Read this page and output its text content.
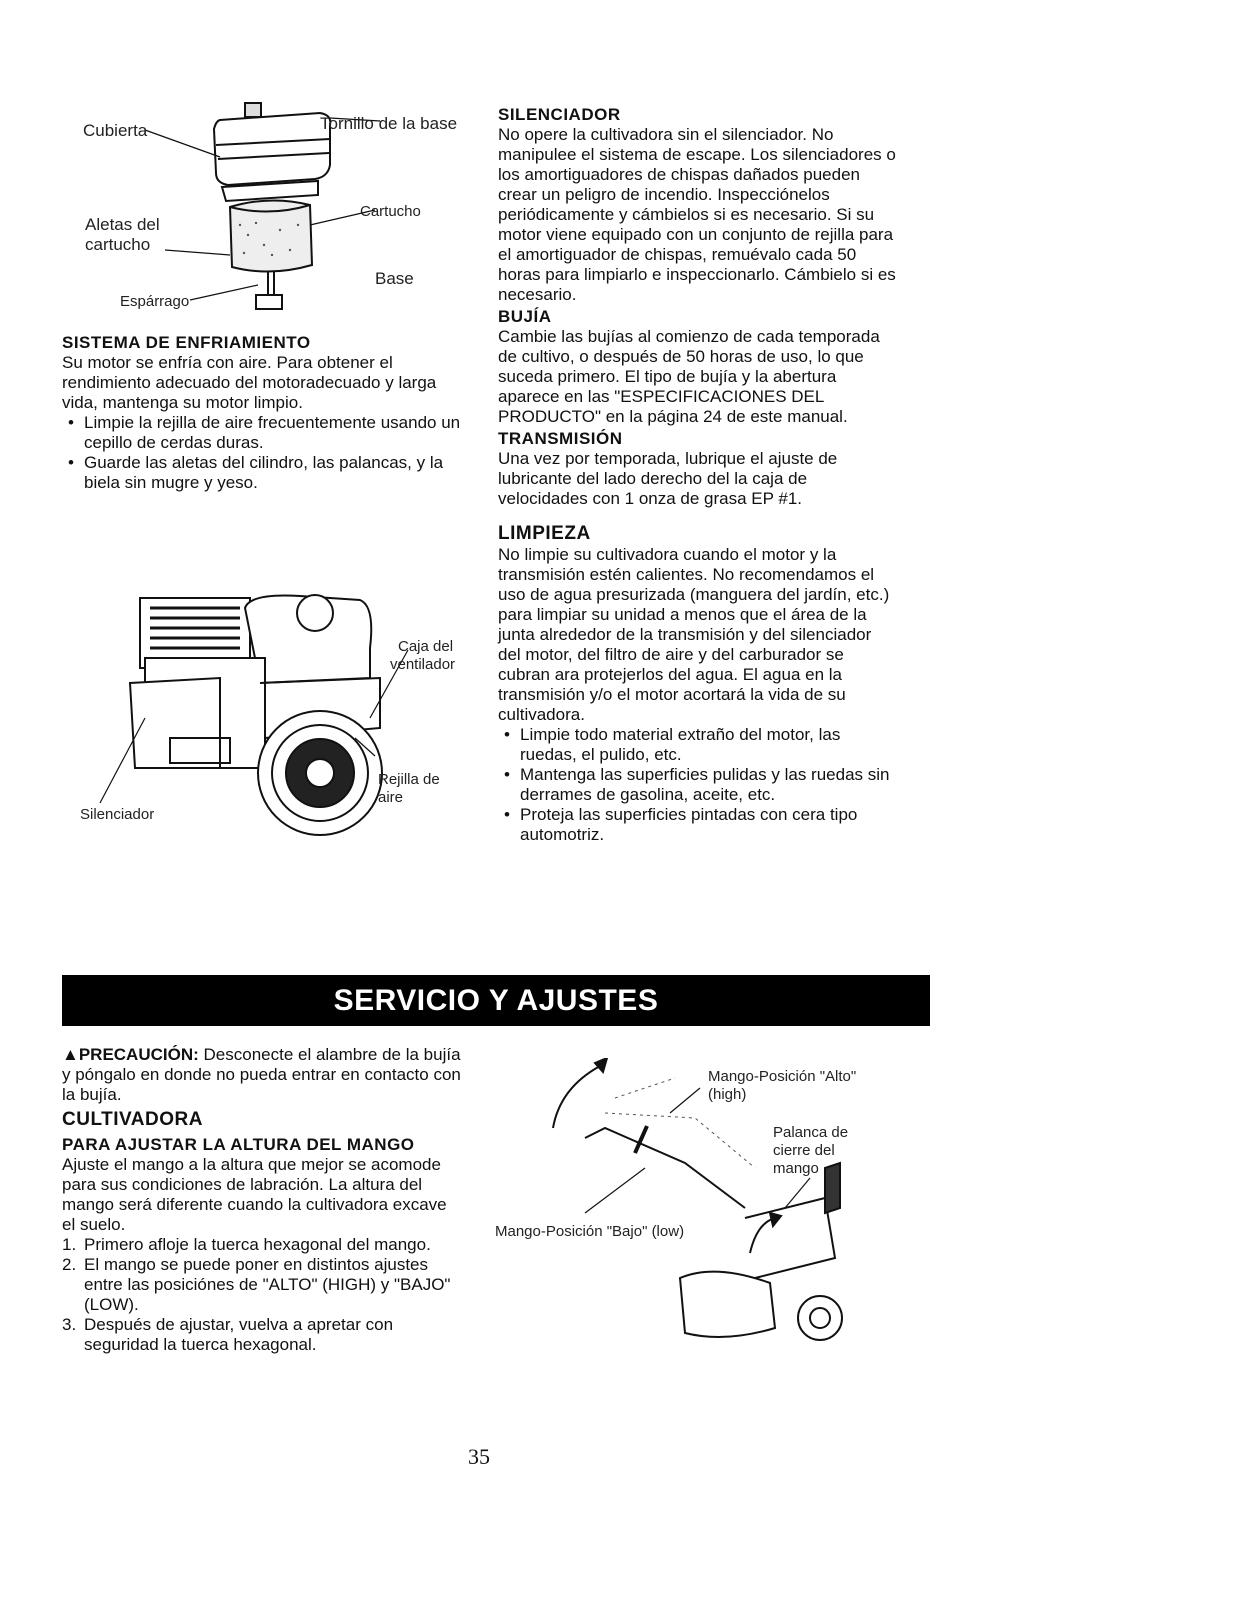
Cubierta	Tornillo de la base
Aletas del
cartucho
Cartucho
Espárrago
Base
SISTEMA DE ENFRIAMIENTO

Su motor se enfría con aire. Para obtener el rendimiento adecuado del motoradecuado y larga vida, mantenga su motor limpio.

• Limpie la rejilla de aire frecuentemente usando un cepillo de cerdas duras.
• Guarde las aletas del cilindro, las palancas, y la biela sin mugre y yeso.
Caja del
ventilador
Rejilla de
aire
Silenciador
SILENCIADOR

No opere la cultivadora sin el silenciador. No manipulee el sistema de escape. Los silenciadores o los amortiguadores de chispas dañados pueden crear un peligro de incendio. Inspecciónelos periódicamente y cámbielos si es necesario. Si su motor viene equipado con un conjunto de rejilla para el amortiguador de chispas, remuévalo cada 50 horas para limpiarlo e inspeccionarlo. Cámbielo si es necesario.

BUJÍA

Cambie las bujías al comienzo de cada temporada de cultivo, o después de 50 horas de uso, lo que suceda primero. El tipo de bujía y la abertura aparece en las "ESPECIFICACIONES DEL PRODUCTO" en la página 24 de este manual.

TRANSMISIÓN

Una vez por temporada, lubrique el ajuste de lubricante del lado derecho del la caja de velocidades con 1 onza de grasa EP #1.

LIMPIEZA

No limpie su cultivadora cuando el motor y la transmisión estén calientes. No recomendamos el uso de agua presurizada (manguera del jardín, etc.) para limpiar su unidad a menos que el área de la junta alrededor de la transmisión y del silenciador del motor, del filtro de aire y del carburador se cubran ara protejerlos del agua. El agua en la transmisión y/o el motor acortará la vida de su cultivadora.

• Limpie todo material extraño del motor, las ruedas, el pulido, etc.
• Mantenga las superficies pulidas y las ruedas sin derrames de gasolina, aceite, etc.
• Proteja las superficies pintadas con cera tipo automotriz.
SERVICIO Y AJUSTES

▲PRECAUCIÓN: Desconecte el alambre de la bujía y póngalo en donde no pueda entrar en contacto con la bujía.

CULTIVADORA
PARA AJUSTAR LA ALTURA DEL MANGO

Ajuste el mango a la altura que mejor se acomode para sus condiciones de labración. La altura del mango será diferente cuando la cultivadora excave el suelo.

1. Primero afloje la tuerca hexagonal del mango.
2. El mango se puede poner en distintos ajustes entre las posiciónes de "ALTO" (HIGH) y "BAJO" (LOW).
3. Después de ajustar, vuelva a apretar con seguridad la tuerca hexagonal.
Mango-Posición "Alto"
(high)
Palanca de
cierre del
mango
Mango-Posición "Bajo" (low)
35
